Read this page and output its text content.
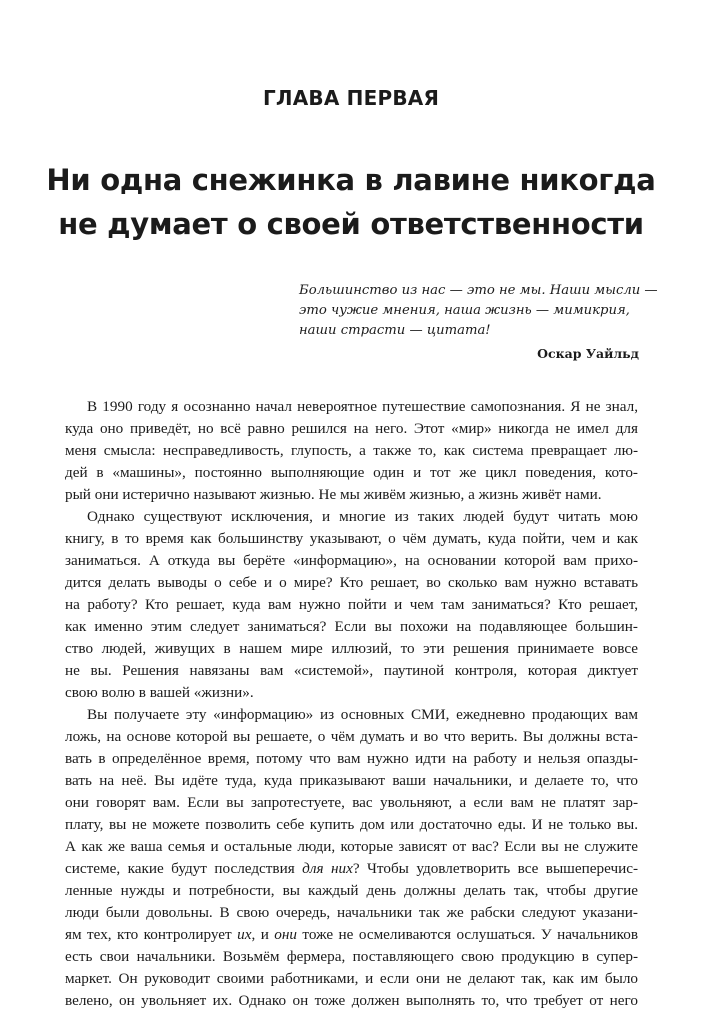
ГЛАВА ПЕРВАЯ
Ни одна снежинка в лавине никогда
не думает о своей ответственности
Большинство из нас — это не мы. Наши мысли —
это чужие мнения, наша жизнь — мимикрия,
наши страсти — цитата!
Оскар Уайльд
В 1990 году я осознанно начал невероятное путешествие самопознания. Я не знал,
куда оно приведёт, но всё равно решился на него. Этот «мир» никогда не имел для
меня смысла: несправедливость, глупость, а также то, как система превращает лю-
дей в «машины», постоянно выполняющие один и тот же цикл поведения, кото-
рый они истерично называют жизнью. Не мы живём жизнью, а жизнь живёт нами.
Однако существуют исключения, и многие из таких людей будут читать мою
книгу, в то время как большинству указывают, о чём думать, куда пойти, чем и как
заниматься. А откуда вы берёте «информацию», на основании которой вам прихо-
дится делать выводы о себе и о мире? Кто решает, во сколько вам нужно вставать
на работу? Кто решает, куда вам нужно пойти и чем там заниматься? Кто решает,
как именно этим следует заниматься? Если вы похожи на подавляющее большин-
ство людей, живущих в нашем мире иллюзий, то эти решения принимаете вовсе
не вы. Решения навязаны вам «системой», паутиной контроля, которая диктует
свою волю в вашей «жизни».
Вы получаете эту «информацию» из основных СМИ, ежедневно продающих вам
ложь, на основе которой вы решаете, о чём думать и во что верить. Вы должны вста-
вать в определённое время, потому что вам нужно идти на работу и нельзя опазды-
вать на неё. Вы идёте туда, куда приказывают ваши начальники, и делаете то, что
они говорят вам. Если вы запротестуете, вас увольняют, а если вам не платят зар-
плату, вы не можете позволить себе купить дом или достаточно еды. И не только вы.
А как же ваша семья и остальные люди, которые зависят от вас? Если вы не служите
системе, какие будут последствия для них? Чтобы удовлетворить все вышеперечис-
ленные нужды и потребности, вы каждый день должны делать так, чтобы другие
люди были довольны. В свою очередь, начальники так же рабски следуют указани-
ям тех, кто контролирует их, и они тоже не осмеливаются ослушаться. У начальников
есть свои начальники. Возьмём фермера, поставляющего свою продукцию в супер-
маркет. Он руководит своими работниками, и если они не делают так, как им было
велено, он увольняет их. Однако он тоже должен выполнять то, что требует от него
